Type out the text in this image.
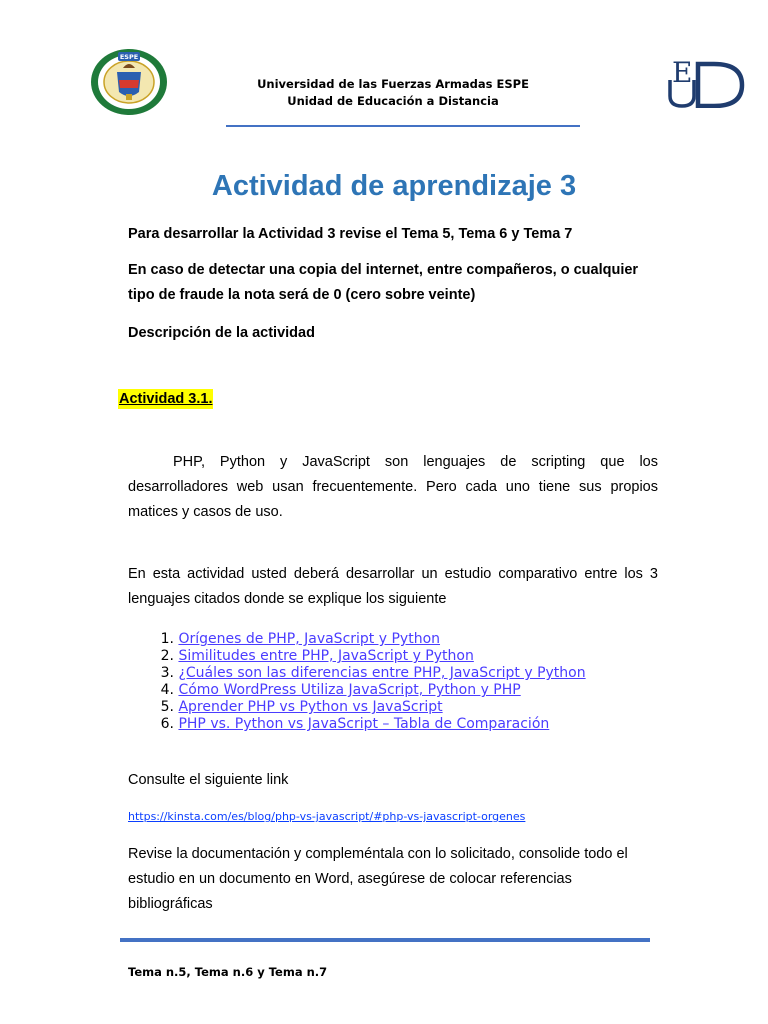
ESPE	E
Universidad de las Fuerzas Armadas ESPE
Unidad de Educación a Distancia
Actividad de aprendizaje 3
Para desarrollar la Actividad 3 revise el Tema 5, Tema 6 y Tema 7
En caso de detectar una copia del internet, entre compañeros, o cualquier tipo de fraude la nota será de 0 (cero sobre veinte)
Descripción de la actividad
Actividad 3.1.
PHP, Python y JavaScript son lenguajes de scripting que los desarrolladores web usan frecuentemente. Pero cada uno tiene sus propios matices y casos de uso.
En esta actividad usted deberá desarrollar un estudio comparativo entre los 3 lenguajes citados donde se explique los siguiente
1.
Orígenes de PHP, JavaScript y Python
2.
Similitudes entre PHP, JavaScript y Python
3.
¿Cuáles son las diferencias entre PHP, JavaScript y Python
4.
Cómo WordPress Utiliza JavaScript, Python y PHP
5.
Aprender PHP vs Python vs JavaScript
6.
PHP vs. Python vs JavaScript – Tabla de Comparación
Consulte el siguiente link
https://kinsta.com/es/blog/php-vs-javascript/#php-vs-javascript-orgenes
Revise la documentación y compleméntala con lo solicitado, consolide todo el estudio en un documento en Word, asegúrese de colocar referencias bibliográficas
Tema n.5, Tema n.6 y Tema n.7
